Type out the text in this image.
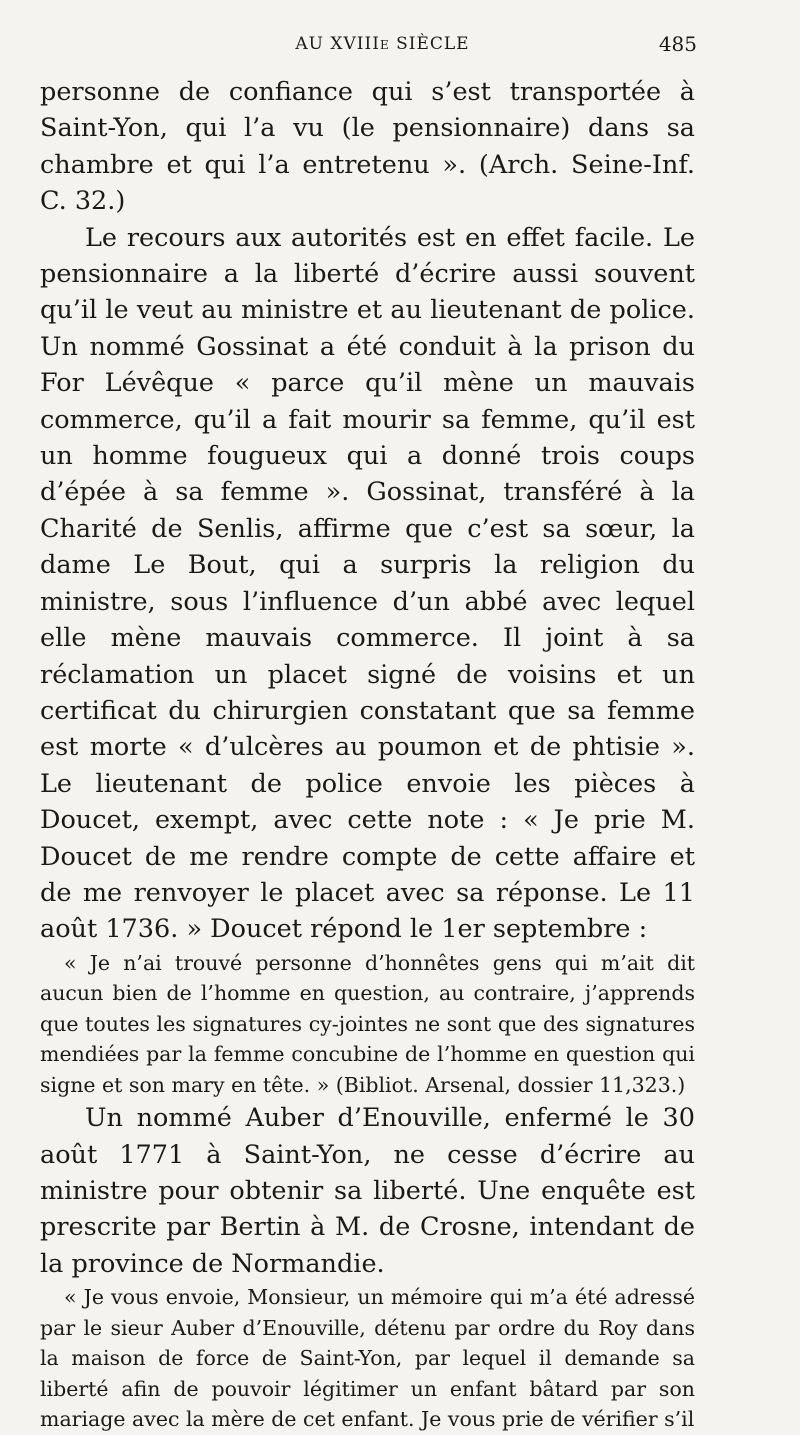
AU XVIIIe SIÈCLE	485

personne de confiance qui s’est transportée à Saint-Yon, qui l’a vu (le pensionnaire) dans sa chambre et qui l’a entretenu ». (Arch. Seine-Inf. C. 32.)

Le recours aux autorités est en effet facile. Le pensionnaire a la liberté d’écrire aussi souvent qu’il le veut au ministre et au lieutenant de police. Un nommé Gossinat a été conduit à la prison du For Lévêque « parce qu’il mène un mauvais commerce, qu’il a fait mourir sa femme, qu’il est un homme fougueux qui a donné trois coups d’épée à sa femme ». Gossinat, transféré à la Charité de Senlis, affirme que c’est sa sœur, la dame Le Bout, qui a surpris la religion du ministre, sous l’influence d’un abbé avec lequel elle mène mauvais commerce. Il joint à sa réclamation un placet signé de voisins et un certificat du chirurgien constatant que sa femme est morte « d’ulcères au poumon et de phtisie ». Le lieutenant de police envoie les pièces à Doucet, exempt, avec cette note : « Je prie M. Doucet de me rendre compte de cette affaire et de me renvoyer le placet avec sa réponse. Le 11 août 1736. » Doucet répond le 1er septembre :

« Je n’ai trouvé personne d’honnêtes gens qui m’ait dit aucun bien de l’homme en question, au contraire, j’apprends que toutes les signatures cy-jointes ne sont que des signatures mendiées par la femme concubine de l’homme en question qui signe et son mary en tête. » (Bibliot. Arsenal, dossier 11,323.)

Un nommé Auber d’Enouville, enfermé le 30 août 1771 à Saint-Yon, ne cesse d’écrire au ministre pour obtenir sa liberté. Une enquête est prescrite par Bertin à M. de Crosne, intendant de la province de Normandie.

« Je vous envoie, Monsieur, un mémoire qui m’a été adressé par le sieur Auber d’Enouville, détenu par ordre du Roy dans la maison de force de Saint-Yon, par lequel il demande sa liberté afin de pouvoir légitimer un enfant bâtard par son mariage avec la mère de cet enfant. Je vous prie de vérifier s’il
